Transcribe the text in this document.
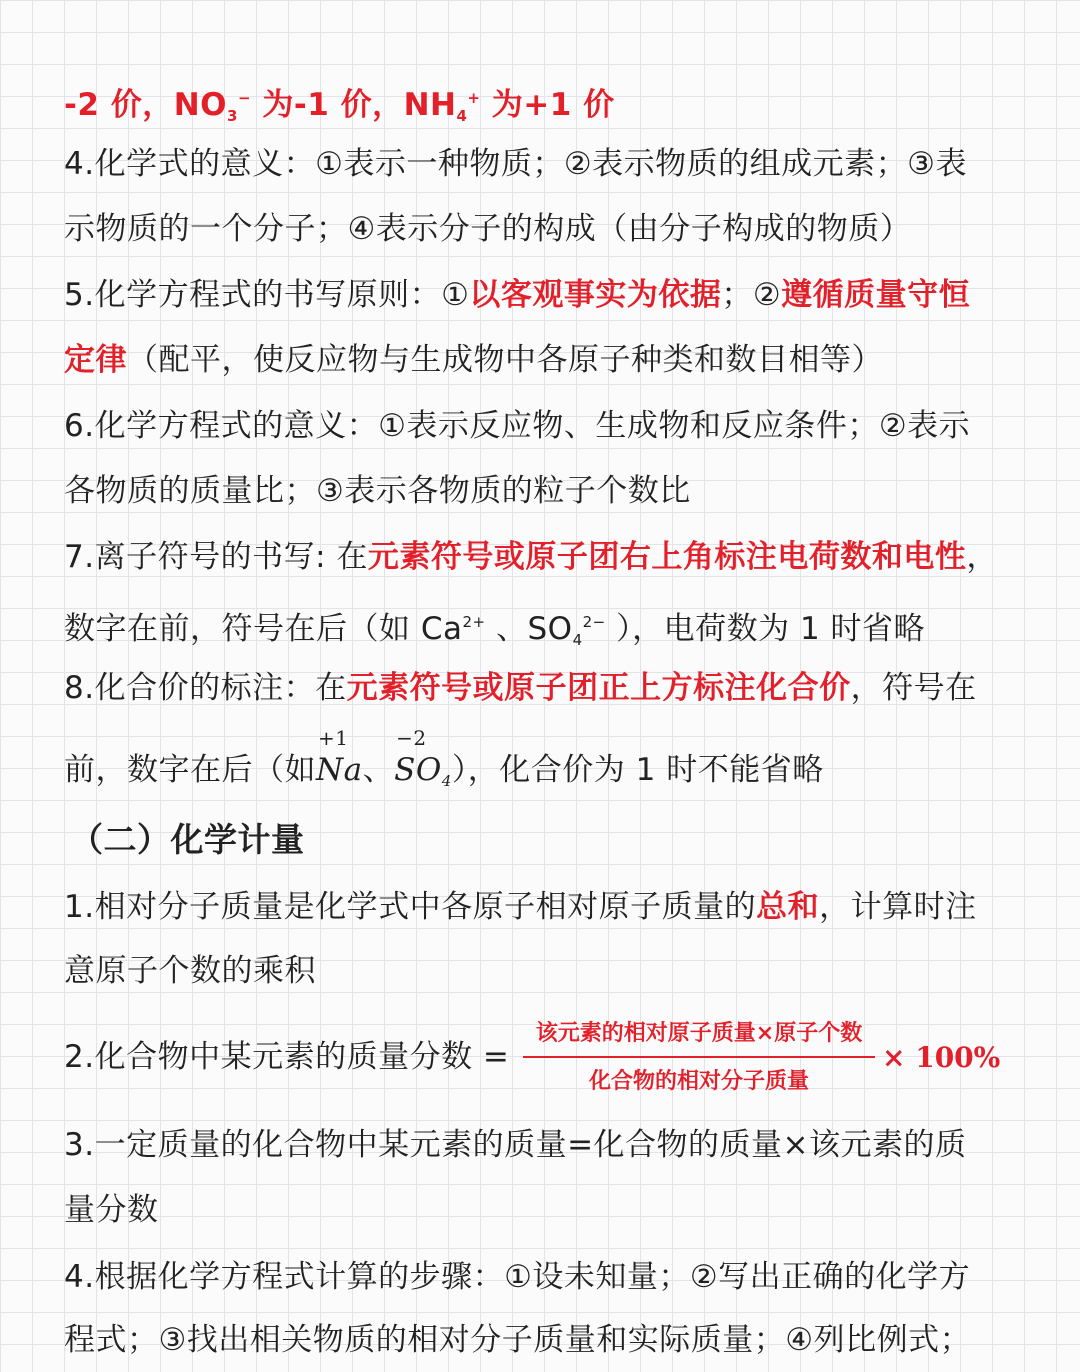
-2 价，$NO_3^-$ 为-1 价，$NH_4^+$ 为+1 价
4.化学式的意义：①表示一种物质；②表示物质的组成元素；③表
示物质的一个分子；④表示分子的构成（由分子构成的物质）
5.化学方程式的书写原则：①以客观事实为依据；②遵循质量守恒
定律（配平，使反应物与生成物中各原子种类和数目相等）
6.化学方程式的意义：①表示反应物、生成物和反应条件；②表示
各物质的质量比；③表示各物质的粒子个数比
7.离子符号的书写: 在元素符号或原子团右上角标注电荷数和电性，
数字在前，符号在后（如 $Ca^{2+}$ 、$SO_4^{2-}$ ），电荷数为 1 时省略
8.化合价的标注：在元素符号或原子团正上方标注化合价，符号在
前，数字在后（如
+1
Na、
−2
$SO_4$），化合价为 1 时不能省略
（二）化学计量
1.相对分子质量是化学式中各原子相对原子质量的总和，计算时注
意原子个数的乘积
2.化合物中某元素的质量分数 =
该元素的相对原子质量×原子个数
化合物的相对分子质量
× 100%
3.一定质量的化合物中某元素的质量=化合物的质量×该元素的质
量分数
4.根据化学方程式计算的步骤：①设未知量；②写出正确的化学方
程式；③找出相关物质的相对分子质量和实际质量；④列比例式；
